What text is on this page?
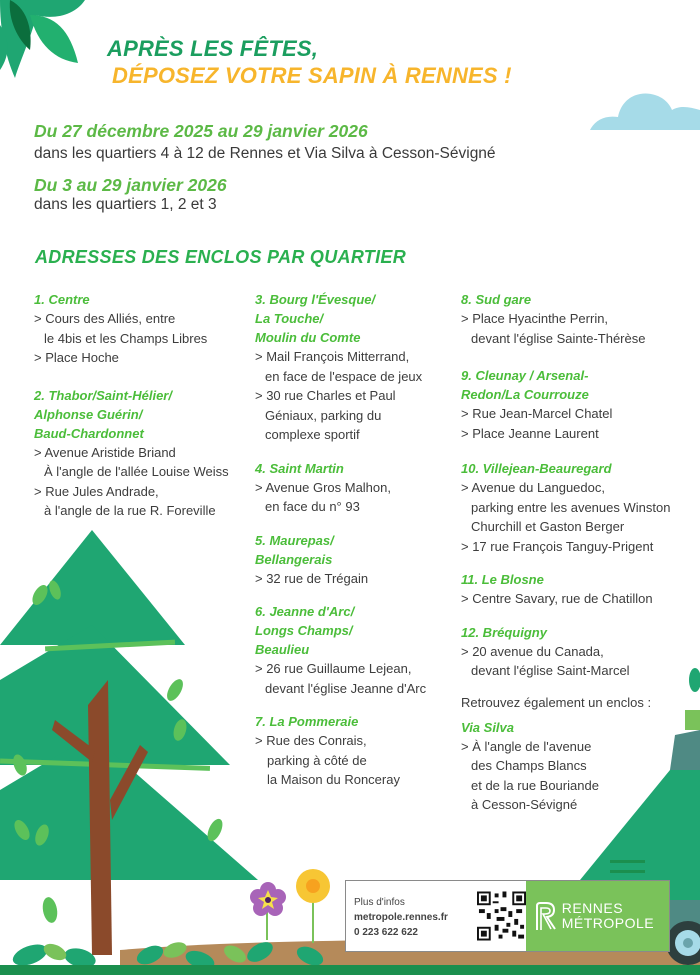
APRÈS LES FÊTES,
DÉPOSEZ VOTRE SAPIN À RENNES !
Du 27 décembre 2025 au 29 janvier 2026
dans les quartiers 4 à 12 de Rennes et Via Silva à Cesson-Sévigné
Du 3 au 29 janvier 2026
dans les quartiers 1, 2 et 3
ADRESSES DES ENCLOS PAR QUARTIER
1. Centre
> Cours des Alliés, entre
le 4bis et les Champs Libres
> Place Hoche
2. Thabor/Saint-Hélier/
Alphonse Guérin/
Baud-Chardonnet
> Avenue Aristide Briand
À l'angle de l'allée Louise Weiss
> Rue Jules Andrade,
à l'angle de la rue R. Foreville
3. Bourg l'Évesque/
La Touche/
Moulin du Comte
> Mail François Mitterrand,
en face de l'espace de jeux
> 30 rue Charles et Paul
Géniaux, parking du
complexe sportif
4. Saint Martin
> Avenue Gros Malhon,
en face du n° 93
5. Maurepas/
Bellangerais
> 32 rue de Trégain
6. Jeanne d'Arc/
Longs Champs/
Beaulieu
> 26 rue Guillaume Lejean,
devant l'église Jeanne d'Arc
7. La Pommeraie
> Rue des Conrais,
parking à côté de
la Maison du Ronceray
8. Sud gare
> Place Hyacinthe Perrin,
devant l'église Sainte-Thérèse
9. Cleunay / Arsenal-
Redon/La Courrouze
> Rue Jean-Marcel Chatel
> Place Jeanne Laurent
10. Villejean-Beauregard
> Avenue du Languedoc,
parking entre les avenues Winston
Churchill et Gaston Berger
> 17 rue François Tanguy-Prigent
11. Le Blosne
> Centre Savary, rue de Chatillon
12. Bréquigny
> 20 avenue du Canada,
devant l'église Saint-Marcel
Retrouvez également un enclos :
Via Silva
> À l'angle de l'avenue
des Champs Blancs
et de la rue Bouriande
à Cesson-Sévigné
Plus d'infos
metropole.rennes.fr
0 223 622 622
RENNES
MÉTROPOLE
